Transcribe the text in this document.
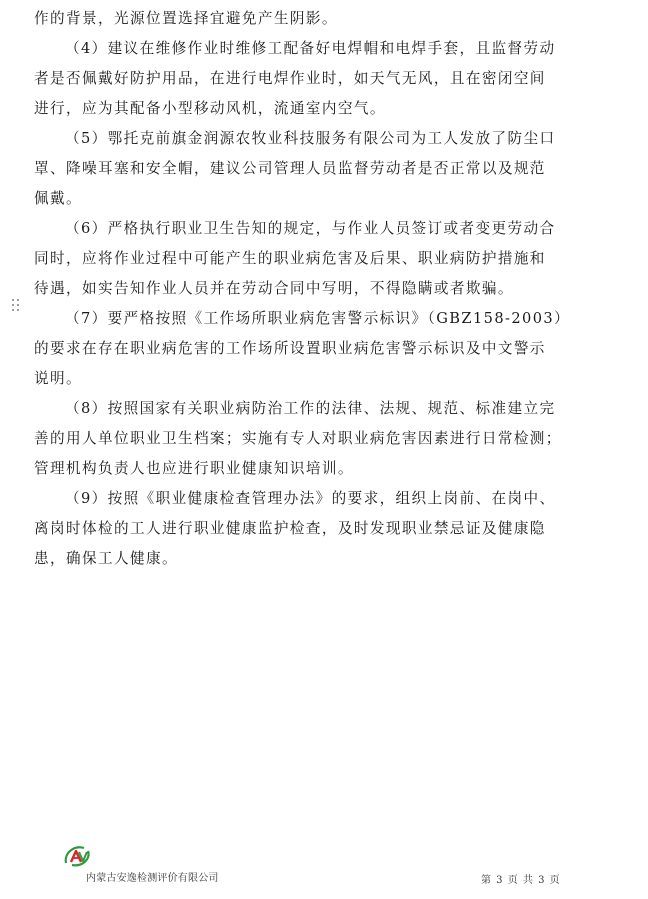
作的背景，光源位置选择宜避免产生阴影。

（4）建议在维修作业时维修工配备好电焊帽和电焊手套，且监督劳动
者是否佩戴好防护用品，在进行电焊作业时，如天气无风，且在密闭空间
进行，应为其配备小型移动风机，流通室内空气。

（5）鄂托克前旗金润源农牧业科技服务有限公司为工人发放了防尘口
罩、降噪耳塞和安全帽，建议公司管理人员监督劳动者是否正常以及规范
佩戴。

（6）严格执行职业卫生告知的规定，与作业人员签订或者变更劳动合
同时，应将作业过程中可能产生的职业病危害及后果、职业病防护措施和
待遇，如实告知作业人员并在劳动合同中写明，不得隐瞒或者欺骗。

（7）要严格按照《工作场所职业病危害警示标识》（GBZ158-2003）
的要求在存在职业病危害的工作场所设置职业病危害警示标识及中文警示
说明。

（8）按照国家有关职业病防治工作的法律、法规、规范、标准建立完
善的用人单位职业卫生档案；实施有专人对职业病危害因素进行日常检测；
管理机构负责人也应进行职业健康知识培训。

（9）按照《职业健康检查管理办法》的要求，组织上岗前、在岗中、
离岗时体检的工人进行职业健康监护检查，及时发现职业禁忌证及健康隐
患，确保工人健康。

内蒙古安逸检测评价有限公司	第 3 页 共 3 页
